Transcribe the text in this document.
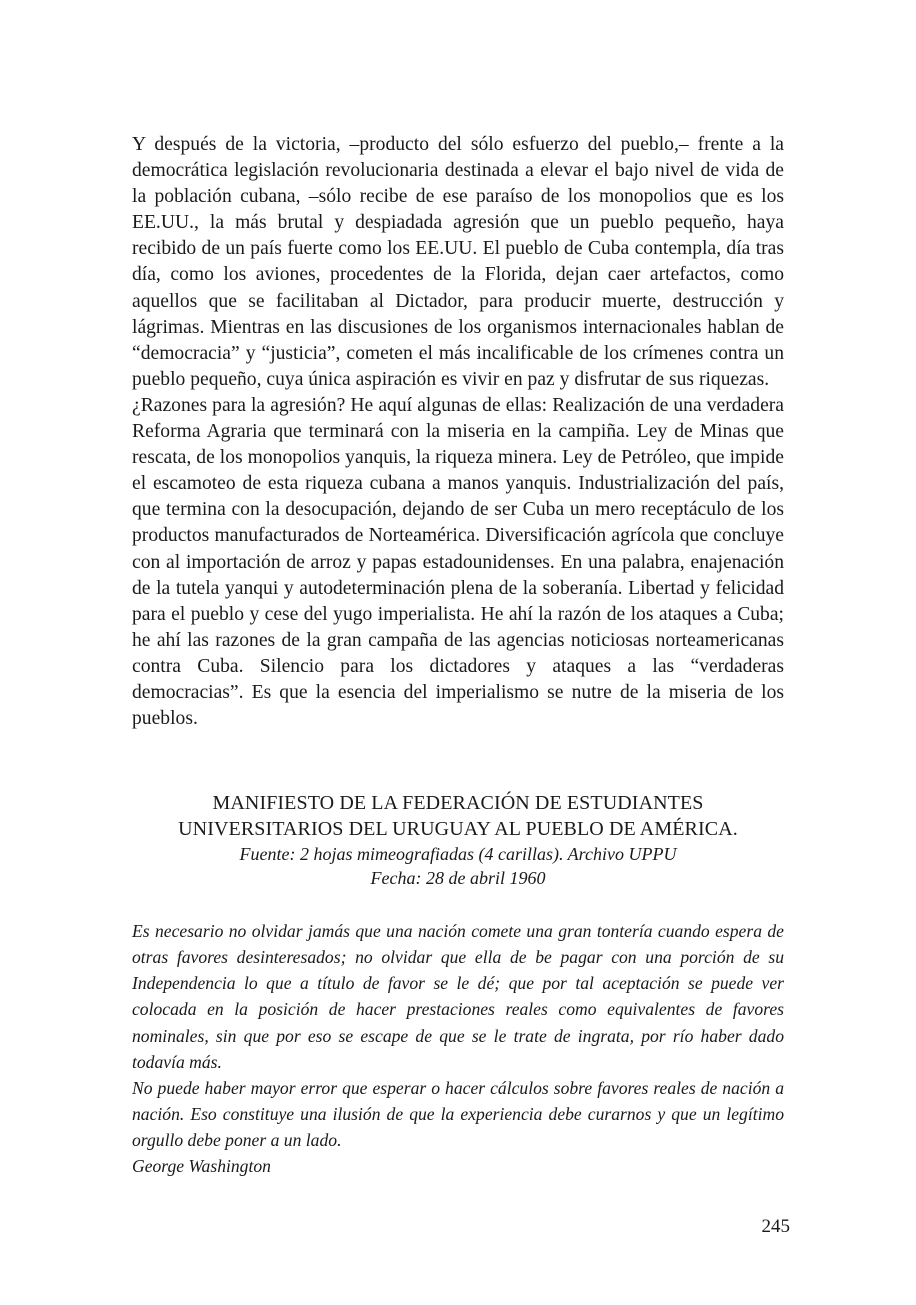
Y después de la victoria, –producto del sólo esfuerzo del pueblo,– frente a la democrática legislación revolucionaria destinada a elevar el bajo nivel de vida de la población cubana, –sólo recibe de ese paraíso de los monopolios que es los EE.UU., la más brutal y despiadada agresión que un pueblo pequeño, haya recibido de un país fuerte como los EE.UU. El pueblo de Cuba contempla, día tras día, como los aviones, procedentes de la Florida, dejan caer artefactos, como aquellos que se facilitaban al Dictador, para producir muerte, destrucción y lágrimas. Mientras en las discusiones de los organismos internacionales hablan de “democracia” y “justicia”, cometen el más incalificable de los crímenes contra un pueblo pequeño, cuya única aspiración es vivir en paz y disfrutar de sus riquezas.

¿Razones para la agresión? He aquí algunas de ellas: Realización de una verdadera Reforma Agraria que terminará con la miseria en la campiña. Ley de Minas que rescata, de los monopolios yanquis, la riqueza minera. Ley de Petróleo, que impide el escamoteo de esta riqueza cubana a manos yanquis. Industrialización del país, que termina con la desocupación, dejando de ser Cuba un mero receptáculo de los productos manufacturados de Norteamérica. Diversificación agrícola que concluye con al importación de arroz y papas estadounidenses. En una palabra, enajenación de la tutela yanqui y autodeterminación plena de la soberanía. Libertad y felicidad para el pueblo y cese del yugo imperialista. He ahí la razón de los ataques a Cuba; he ahí las razones de la gran campaña de las agencias noticiosas norteamericanas contra Cuba. Silencio para los dictadores y ataques a las “verdaderas democracias”. Es que la esencia del imperialismo se nutre de la miseria de los pueblos.

MANIFIESTO DE LA FEDERACIÓN DE ESTUDIANTES
UNIVERSITARIOS DEL URUGUAY AL PUEBLO DE AMÉRICA.
Fuente: 2 hojas mimeografiadas (4 carillas). Archivo UPPU
Fecha: 28 de abril 1960

Es necesario no olvidar jamás que una nación comete una gran tontería cuando espera de otras favores desinteresados; no olvidar que ella de be pagar con una porción de su Independencia lo que a título de favor se le dé; que por tal aceptación se puede ver colocada en la posición de hacer prestaciones reales como equivalentes de favores nominales, sin que por eso se escape de que se le trate de ingrata, por río haber dado todavía más.

No puede haber mayor error que esperar o hacer cálculos sobre favores reales de nación a nación. Eso constituye una ilusión de que la experiencia debe curarnos y que un legítimo orgullo debe poner a un lado.

George Washington

245
